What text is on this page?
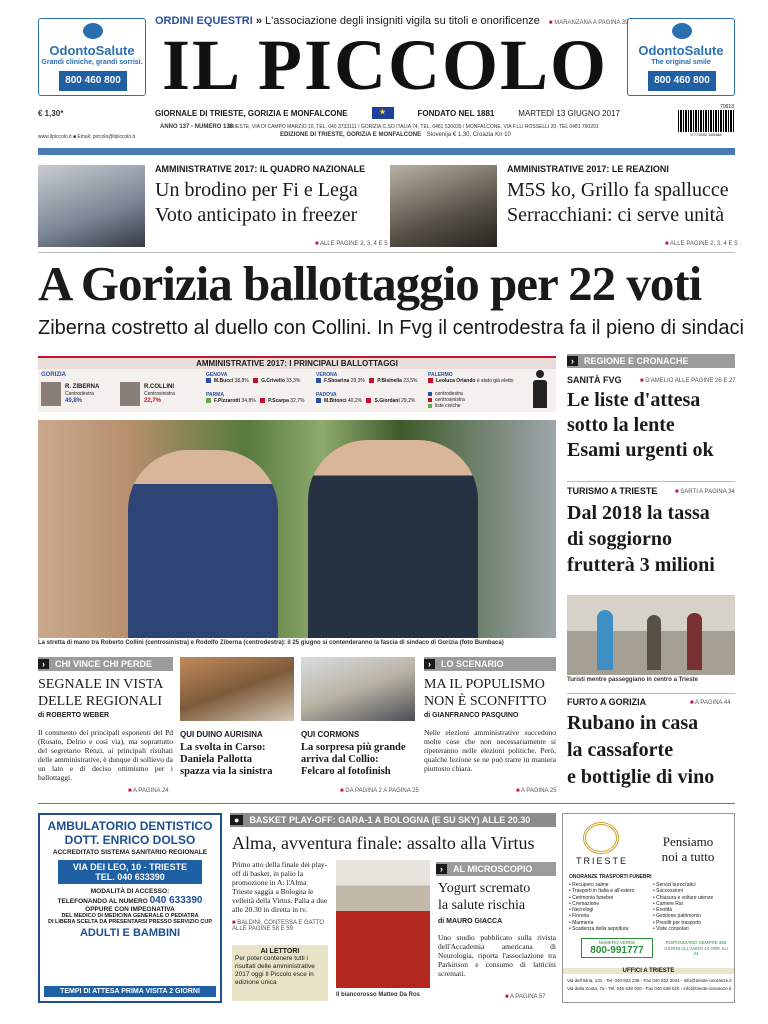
OdontoSalute
Grandi cliniche, grandi sorrisi.
800 460 800
OdontoSalute
The original smile
800 460 800
ORDINI EQUESTRI » L'associazione degli insigniti vigila su titoli e onorificenze ■ MARANZANA A PAGINA 39
IL PICCOLO
GIORNALE DI TRIESTE, GORIZIA E MONFALCONE	★	FONDATO NEL 1881	MARTEDÌ 13 GIUGNO 2017
€ 1,30*
www.ilpiccolo.it ■ Email: piccolo@ilpiccolo.it
ANNO 137 - NUMERO 138
TRIESTE, VIA DI CAMPO MARZIO 10, TEL. 040 3733111 / GORIZIA C.SO ITALIA 74, TEL. 0481 530035 / MONFALCONE, VIA F.LLI ROSSELLI 20, TEL 0481 790201
EDIZIONE DI TRIESTE, GORIZIA E MONFALCONE Slovenija € 1,30, Croazia Kn 10
70613
9 771592 169488
AMMINISTRATIVE 2017: IL QUADRO NAZIONALE
Un brodino per Fi e Lega
Voto anticipato in freezer
■ ALLE PAGINE 2, 3, 4 E 5
AMMINISTRATIVE 2017: LE REAZIONI
M5S ko, Grillo fa spallucce
Serracchiani: ci serve unità
■ ALLE PAGINE 2, 3, 4 E 5
A Gorizia ballottaggio per 22 voti
Ziberna costretto al duello con Collini. In Fvg il centrodestra fa il pieno di sindaci
AMMINISTRATIVE 2017: I PRINCIPALI BALLOTTAGGI
GORIZIA
R. ZIBERNA
Centrodestra
49,8%
R.COLLINI
Centrosinistra
22,7%
GENOVA
M.Bucci 38,8% G.Crivello 33,3%
VERONA
F.Sboarina 29,3% P.Bisinella 23,5%
PALERMO
Leoluca Orlando è stato già eletto
PARMA
F.Pizzarotti 34,8% P.Scarpa 32,7%
PADOVA
M.Bitonci 40,2% S.Giordani 29,2%
centrodestra
centrosinistra
liste civiche
La stretta di mano tra Roberto Collini (centrosinistra) e Rodolfo Ziberna (centrodestra): il 25 giugno si contenderanno la fascia di sindaco di Gorizia (foto Bumbaca)
› REGIONE E CRONACHE
SANITÀ FVG	■ D'AMELIO ALLE PAGINE 26 E 27
Le liste d'attesa
sotto la lente
Esami urgenti ok
TURISMO A TRIESTE	■ SARTI A PAGINA 34
Dal 2018 la tassa
di soggiorno
frutterà 3 milioni
Turisti mentre passeggiano in centro a Trieste
FURTO A GORIZIA	■ A PAGINA 44
Rubano in casa
la cassaforte
e bottiglie di vino
› CHI VINCE CHI PERDE
SEGNALE IN VISTA
DELLE REGIONALI
di ROBERTO WEBER
Il commento dei principali esponenti del Pd (Rosato, Delrio e così via), ma soprattutto del segretario Renzi, ai principali risultati delle amministrative, è dunque di sollievo da un lato e di deciso ottimismo per i ballottaggi.
■ A PAGINA 24
QUI DUINO AURISINA
La svolta in Carso:
Daniela Pallotta
spazza via la sinistra
QUI CORMONS
La sorpresa più grande
arriva dal Collio:
Felcaro al fotofinish
■ DA PAGINA 2 A PAGINA 25
› LO SCENARIO
MA IL POPULISMO
NON È SCONFITTO
di GIANFRANCO PASQUINO
Nelle elezioni amministrative succedono molte cose che non necessariamente si ripeteranno nelle elezioni politiche. Però, qualche lezione se ne può trarre in maniera piuttosto chiara.
■ A PAGINA 25
AMBULATORIO DENTISTICO
DOTT. ENRICO DOLSO
ACCREDITATO SISTEMA SANITARIO REGIONALE
VIA DEI LEO, 10 - TRIESTE
TEL. 040 633390
MODALITÀ DI ACCESSO:
TELEFONANDO AL NUMERO 040 633390
OPPURE CON IMPEGNATIVA
DEL MEDICO DI MEDICINA GENERALE O PEDIATRA
DI LIBERA SCELTA DA PRESENTARSI PRESSO SERVIZIO CUP
ADULTI E BAMBINI
TEMPI DI ATTESA PRIMA VISITA 2 GIORNI
● BASKET PLAY-OFF: GARA-1 A BOLOGNA (E SU SKY) ALLE 20.30
Alma, avventura finale: assalto alla Virtus
Primo atto della finale dei play-off di basket, in palio la promozione in A: l'Alma Trieste saggia a Bologna le velleità della Virtus. Palla a due alle 20.30 in diretta in tv.
■ BALDINI, CONTESSA E GATTO ALLE PAGINE 58 E 59
AI LETTORI
Per poter contenere tutti i risultati delle amministrative 2017 oggi Il Piccolo esce in edizione unica
Il biancorosso Matteo Da Ros
› AL MICROSCOPIO
Yogurt scremato
la salute rischia
di MAURO GIACCA
Uno studio pubblicato sulla rivista dell'Accademia americana di Neurologia, riporta l'associazione tra Parkinson e consumo di latticini scremati.
■ A PAGINA 57
TRIESTE
Pensiamo
noi a tutto
ONORANZE TRASPORTI FUNEBRI
• Recupero salme
• Trasporti in Italia e all'estero
• Cerimonia funebre
• Cremazione
• Necrologi
• Fioreria
• Marmeria
• Scadenza della sepoltura
• Servizi burocratici
• Successioni
• Chiusura e volture utenze
• Camere Rai
• Eredità
• Gestione patrimonio
• Prestiti per trasporto
• Viste consolari
NUMERO VERDE
800-991777
RISPONDIAMO SEMPRE 365 GIORNI ALL'ANNO 24 ORE SU 24
UFFICI A TRIESTE
Via dell'Istria, 131 - Tel. 040 823 238 - Fax 040 832 2041 - info@trieste-onoranze.it
Via della Zonta, 7a - Tel. 040 638 020 - Fax 040 638 020 - info@trieste-onoranze.it
